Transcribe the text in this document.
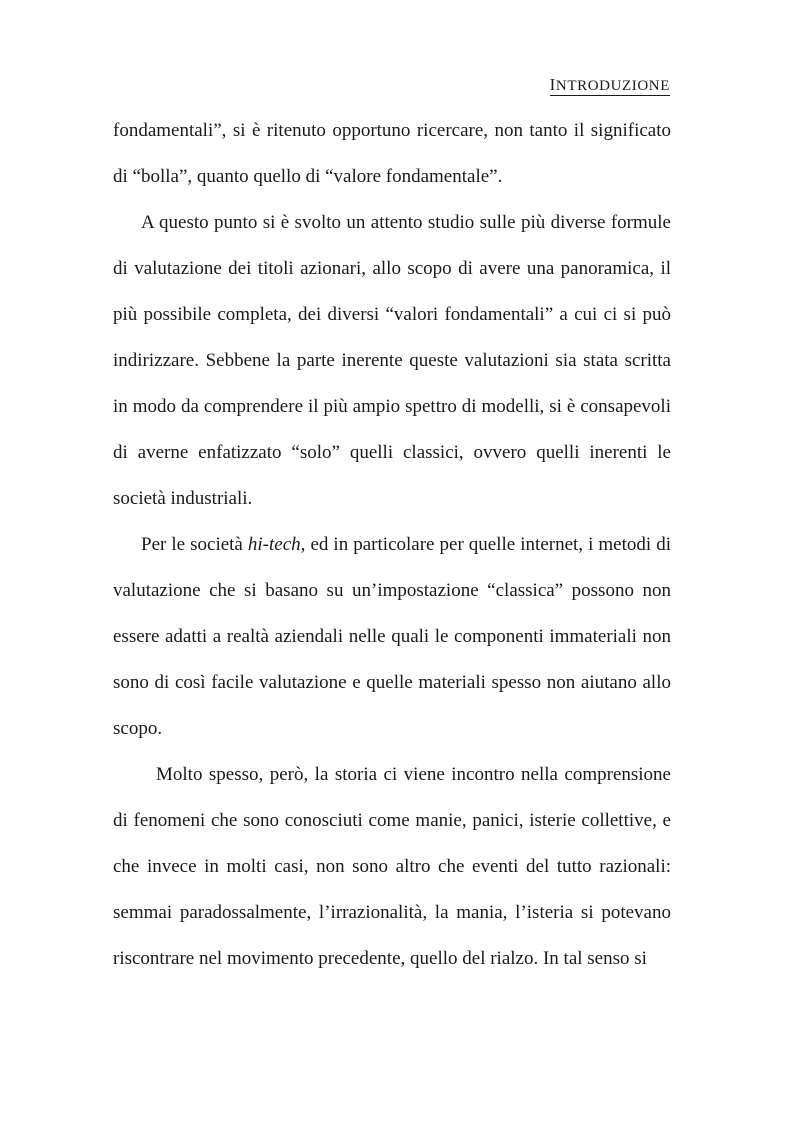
INTRODUZIONE

fondamentali”, si è ritenuto opportuno ricercare, non tanto il significato di “bolla”, quanto quello di “valore fondamentale”.

A questo punto si è svolto un attento studio sulle più diverse formule di valutazione dei titoli azionari, allo scopo di avere una panoramica, il più possibile completa, dei diversi “valori fondamentali” a cui ci si può indirizzare. Sebbene la parte inerente queste valutazioni sia stata scritta in modo da comprendere il più ampio spettro di modelli, si è consapevoli di averne enfatizzato “solo” quelli classici, ovvero quelli inerenti le società industriali.

Per le società hi-tech, ed in particolare per quelle internet, i metodi di valutazione che si basano su un’impostazione “classica” possono non essere adatti a realtà aziendali nelle quali le componenti immateriali non sono di così facile valutazione e quelle materiali spesso non aiutano allo scopo.

Molto spesso, però, la storia ci viene incontro nella comprensione di fenomeni che sono conosciuti come manie, panici, isterie collettive, e che invece in molti casi, non sono altro che eventi del tutto razionali: semmai paradossalmente, l’irrazionalità, la mania, l’isteria si potevano riscontrare nel movimento precedente, quello del rialzo. In tal senso si
